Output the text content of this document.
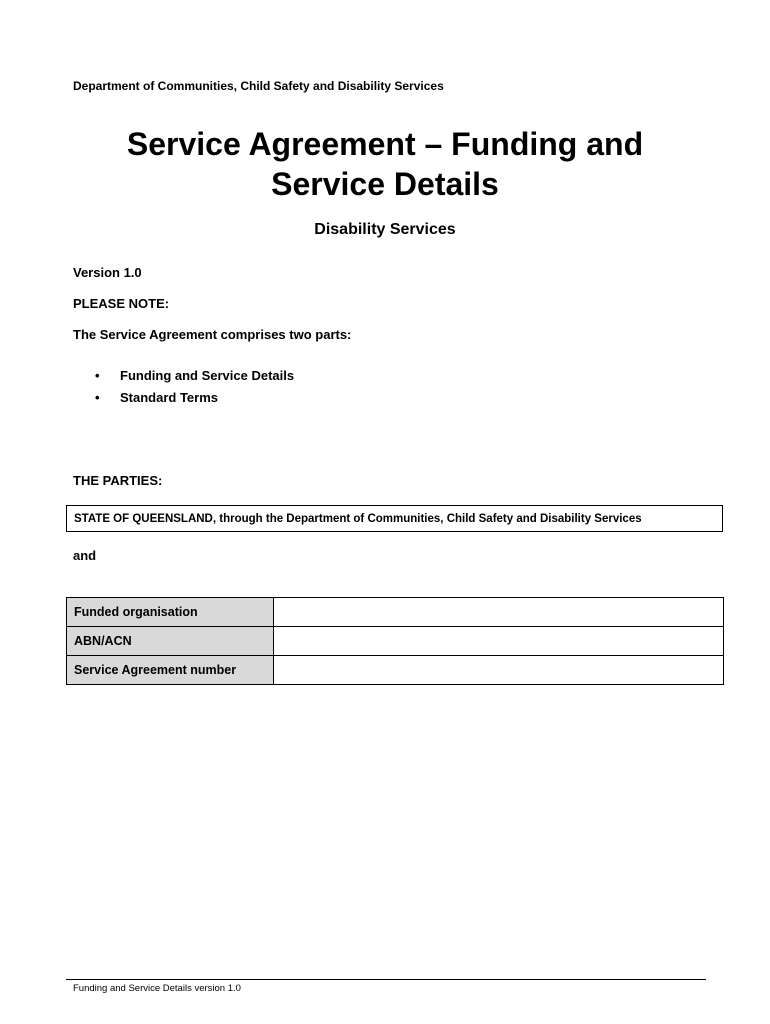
Department of Communities, Child Safety and Disability Services
Service Agreement – Funding and
Service Details
Disability Services
Version 1.0
PLEASE NOTE:
The Service Agreement comprises two parts:
•	Funding and Service Details
•	Standard Terms
THE PARTIES:
STATE OF QUEENSLAND, through the Department of Communities, Child Safety and Disability Services
and
Funded organisation	
ABN/ACN	
Service Agreement number	
Funding and Service Details version 1.0
